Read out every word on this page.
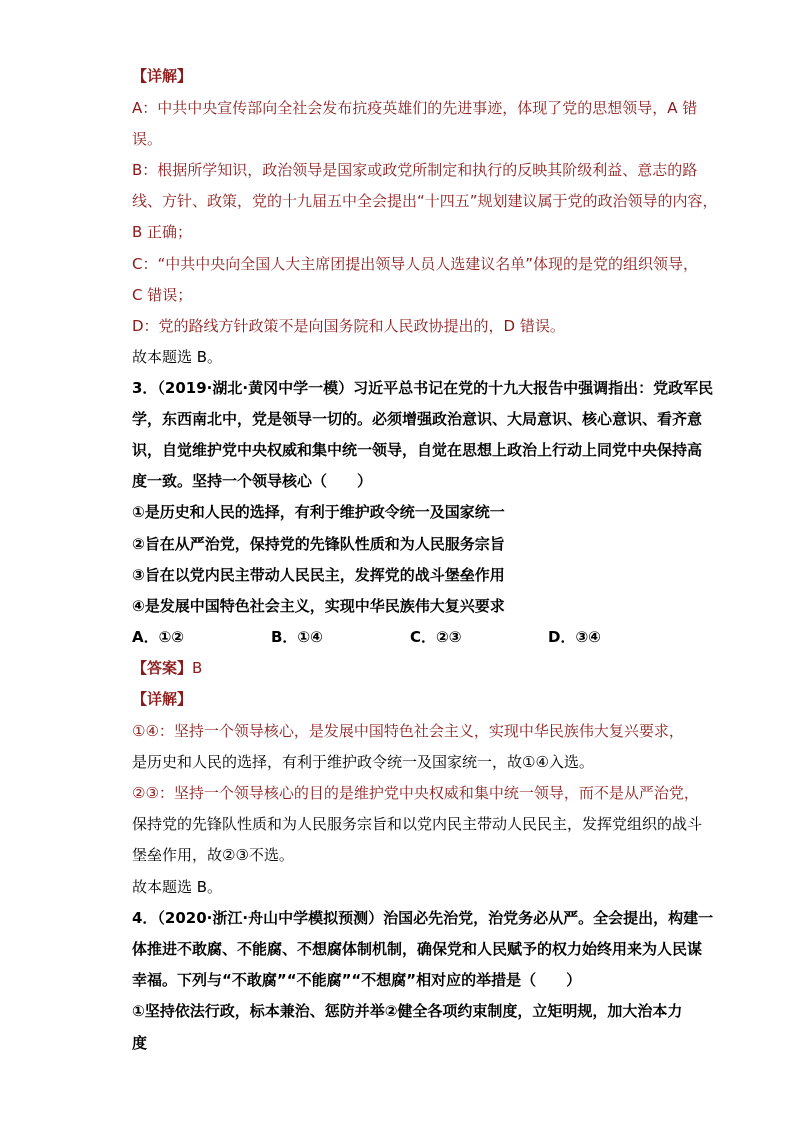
【详解】
A：中共中央宣传部向全社会发布抗疫英雄们的先进事迹，体现了党的思想领导，A 错
误。
B：根据所学知识，政治领导是国家或政党所制定和执行的反映其阶级利益、意志的路
线、方针、政策，党的十九届五中全会提出“十四五”规划建议属于党的政治领导的内容，
B 正确；
C：“中共中央向全国人大主席团提出领导人员人选建议名单”体现的是党的组织领导，
C 错误；
D：党的路线方针政策不是向国务院和人民政协提出的，D 错误。
故本题选 B。
3．（2019·湖北·黄冈中学一模）习近平总书记在党的十九大报告中强调指出：党政军民
学，东西南北中，党是领导一切的。必须增强政治意识、大局意识、核心意识、看齐意
识，自觉维护党中央权威和集中统一领导，自觉在思想上政治上行动上同党中央保持高
度一致。坚持一个领导核心（　　）
①是历史和人民的选择，有利于维护政令统一及国家统一
②旨在从严治党，保持党的先锋队性质和为人民服务宗旨
③旨在以党内民主带动人民民主，发挥党的战斗堡垒作用
④是发展中国特色社会主义，实现中华民族伟大复兴要求
A．①②	B．①④	C．②③	D．③④
【答案】B
【详解】
①④：坚持一个领导核心，是发展中国特色社会主义，实现中华民族伟大复兴要求，
是历史和人民的选择，有利于维护政令统一及国家统一，故①④入选。
②③：坚持一个领导核心的目的是维护党中央权威和集中统一领导，而不是从严治党，
保持党的先锋队性质和为人民服务宗旨和以党内民主带动人民民主，发挥党组织的战斗
堡垒作用，故②③不选。
故本题选 B。
4．（2020·浙江·舟山中学模拟预测）治国必先治党，治党务必从严。全会提出，构建一
体推进不敢腐、不能腐、不想腐体制机制，确保党和人民赋予的权力始终用来为人民谋
幸福。下列与“不敢腐”“不能腐”“不想腐”相对应的举措是（　　）
①坚持依法行政，标本兼治、惩防并举②健全各项约束制度，立矩明规，加大治本力
度
